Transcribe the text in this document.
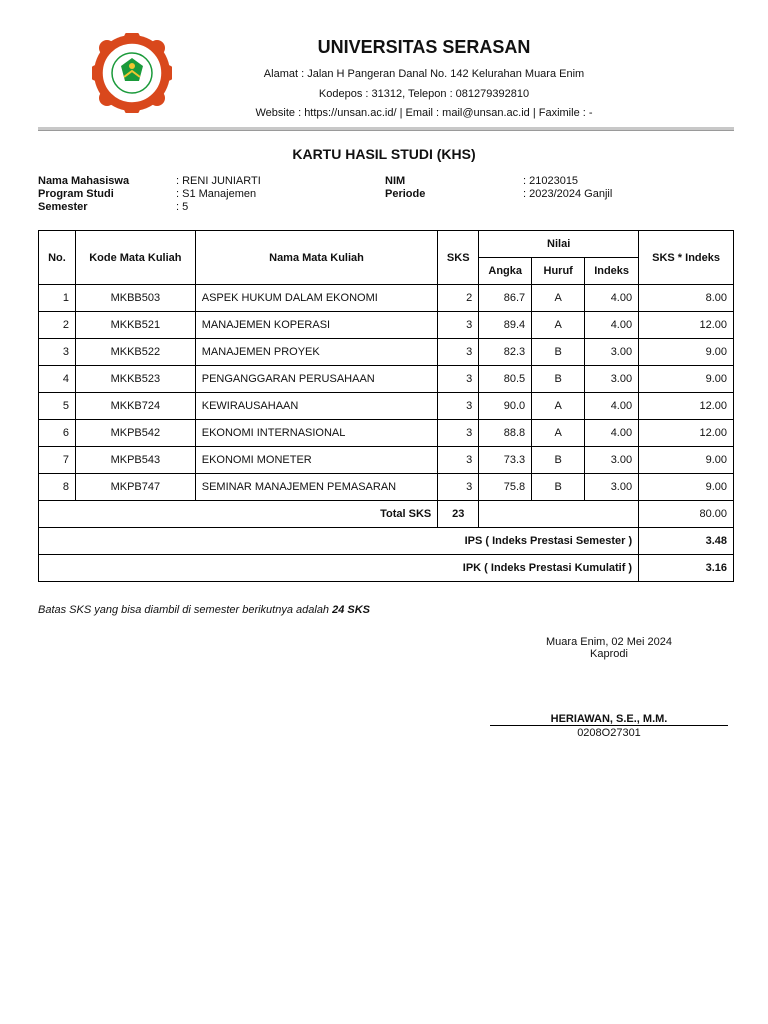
UNIVERSITAS SERASAN
Alamat : Jalan H Pangeran Danal No. 142 Kelurahan Muara Enim
Kodepos : 31312, Telepon : 081279392810
Website : https://unsan.ac.id/ | Email : mail@unsan.ac.id | Faximile : -
KARTU HASIL STUDI (KHS)
Nama Mahasiswa	: RENI JUNIARTI
Program Studi	: S1 Manajemen
Semester	: 5
NIM	: 21023015
Periode	: 2023/2024 Ganjil
No.	Kode Mata Kuliah	Nama Mata Kuliah	SKS	Nilai			SKS * Indeks
				Angka	Huruf	Indeks	
1	MKBB503	ASPEK HUKUM DALAM EKONOMI	2	86.7	A	4.00	8.00
2	MKKB521	MANAJEMEN KOPERASI	3	89.4	A	4.00	12.00
3	MKKB522	MANAJEMEN PROYEK	3	82.3	B	3.00	9.00
4	MKKB523	PENGANGGARAN PERUSAHAAN	3	80.5	B	3.00	9.00
5	MKKB724	KEWIRAUSAHAAN	3	90.0	A	4.00	12.00
6	MKPB542	EKONOMI INTERNASIONAL	3	88.8	A	4.00	12.00
7	MKPB543	EKONOMI MONETER	3	73.3	B	3.00	9.00
8	MKPB747	SEMINAR MANAJEMEN PEMASARAN	3	75.8	B	3.00	9.00
Total SKS			23				80.00
IPS ( Indeks Prestasi Semester )							3.48
IPK ( Indeks Prestasi Kumulatif )							3.16
Batas SKS yang bisa diambil di semester berikutnya adalah 24 SKS
Muara Enim, 02 Mei 2024
Kaprodi
HERIAWAN, S.E., M.M.
0208O27301
